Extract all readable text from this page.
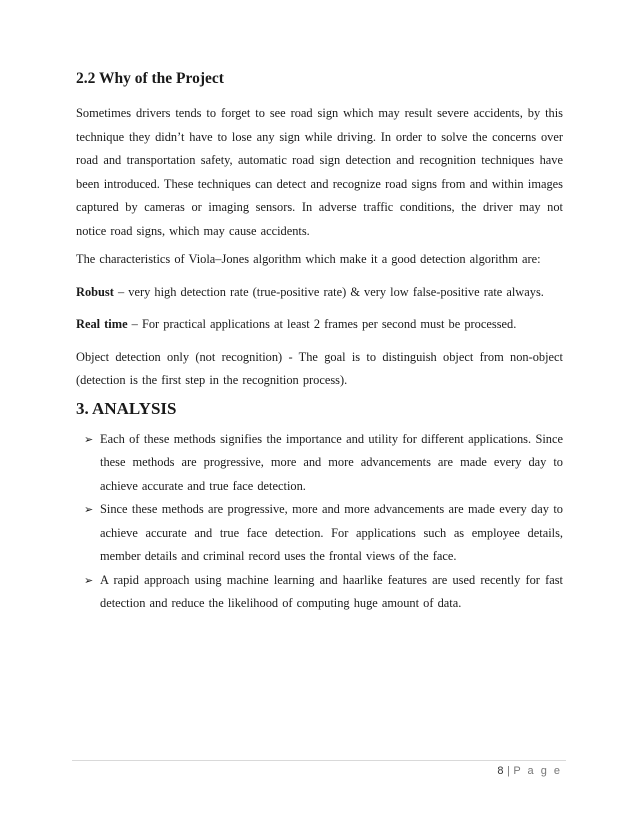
2.2 Why of the Project

Sometimes drivers tends to forget to see road sign which may result severe accidents, by this technique they didn’t have to lose any sign while driving. In order to solve the concerns over road and transportation safety, automatic road sign detection and recognition techniques have been introduced. These techniques can detect and recognize road signs from and within images captured by cameras or imaging sensors. In adverse traffic conditions, the driver may not notice road signs, which may cause accidents.

The characteristics of Viola–Jones algorithm which make it a good detection algorithm are:

Robust – very high detection rate (true-positive rate) & very low false-positive rate always.

Real time – For practical applications at least 2 frames per second must be processed.

Object detection only (not recognition) - The goal is to distinguish object from non-object (detection is the first step in the recognition process).

3. ANALYSIS
➢ Each of these methods signifies the importance and utility for different applications. Since these methods are progressive, more and more advancements are made every day to achieve accurate and true face detection.
➢ Since these methods are progressive, more and more advancements are made every day to achieve accurate and true face detection. For applications such as employee details, member details and criminal record uses the frontal views of the face.
➢ A rapid approach using machine learning and haarlike features are used recently for fast detection and reduce the likelihood of computing huge amount of data.
8 | P a g e
